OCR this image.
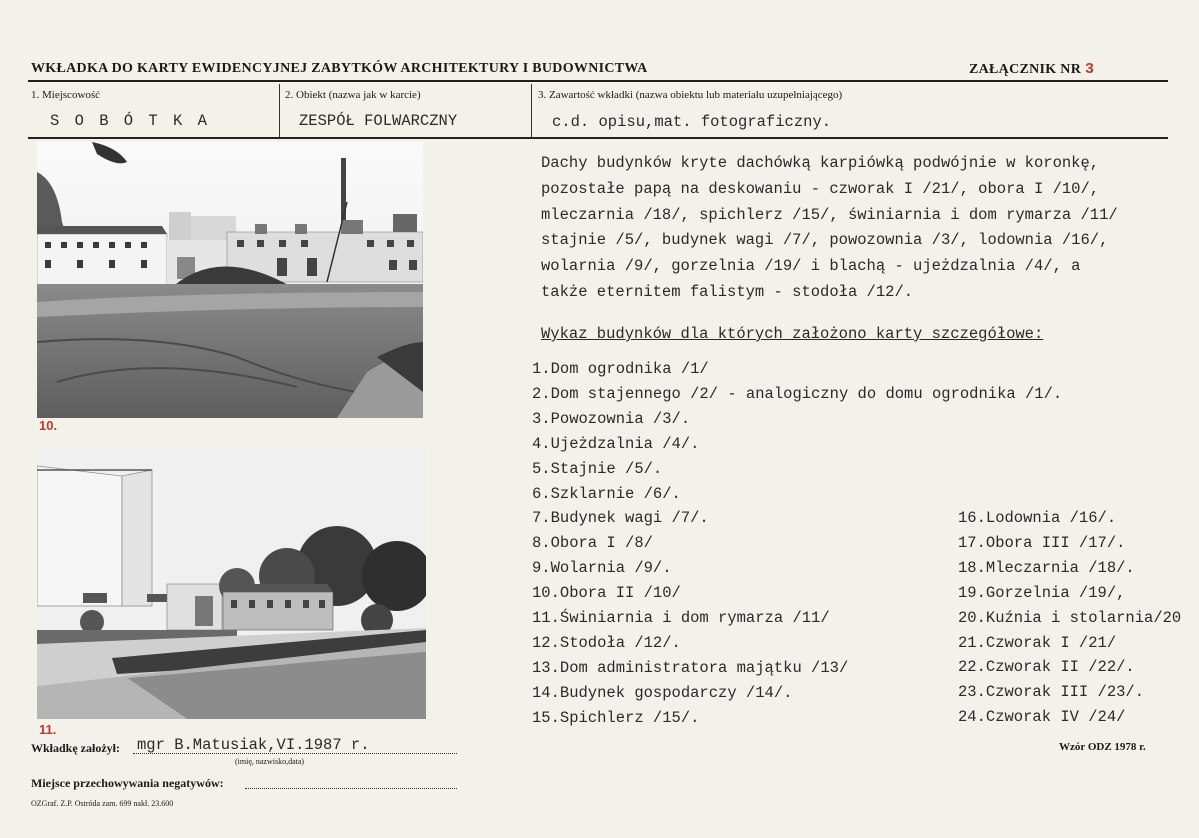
WKŁADKA DO KARTY EWIDENCYJNEJ ZABYTKÓW ARCHITEKTURY I BUDOWNICTWA	ZAŁĄCZNIK NR 3
1. Miejscowość
S O B Ó T K A
2. Obiekt (nazwa jak w karcie)
ZESPÓŁ FOLWARCZNY
3. Zawartość wkładki (nazwa obiektu lub materiału uzupełniającego)
c.d. opisu,mat. fotograficzny.
10.
11.
Dachy budynków kryte dachówką karpiówką podwójnie w koronkę,
pozostałe papą na deskowaniu - czworak I /21/, obora I /10/,
mleczarnia /18/, spichlerz /15/, świniarnia i dom rymarza /11/
stajnie /5/, budynek wagi /7/, powozownia /3/, lodownia /16/,
wolarnia /9/, gorzelnia /19/ i blachą - ujeżdzalnia /4/, a
także eternitem falistym - stodoła /12/.
Wykaz budynków dla których założono karty szczegółowe:
1.Dom ogrodnika /1/
2.Dom stajennego /2/ - analogiczny do domu ogrodnika /1/.
3.Powozownia /3/.
4.Ujeżdzalnia /4/.
5.Stajnie /5/.
6.Szklarnie /6/.
7.Budynek wagi /7/.
8.Obora I /8/
9.Wolarnia /9/.
10.Obora II /10/
11.Świniarnia i dom rymarza /11/
12.Stodoła /12/.
13.Dom administratora majątku /13/
14.Budynek gospodarczy /14/.
15.Spichlerz /15/.
16.Lodownia /16/.
17.Obora III /17/.
18.Mleczarnia /18/.
19.Gorzelnia /19/,
20.Kuźnia i stolarnia/20
21.Czworak I /21/
22.Czworak II /22/.
23.Czworak III /23/.
24.Czworak IV /24/
Wkładkę założył: mgr B.Matusiak,VI.1987 r.
(imię, nazwisko,data)
Miejsce przechowywania negatywów:
OZGraf. Z.P. Ostróda zam. 699 nakł. 23.600
Wzór ODZ 1978 r.
